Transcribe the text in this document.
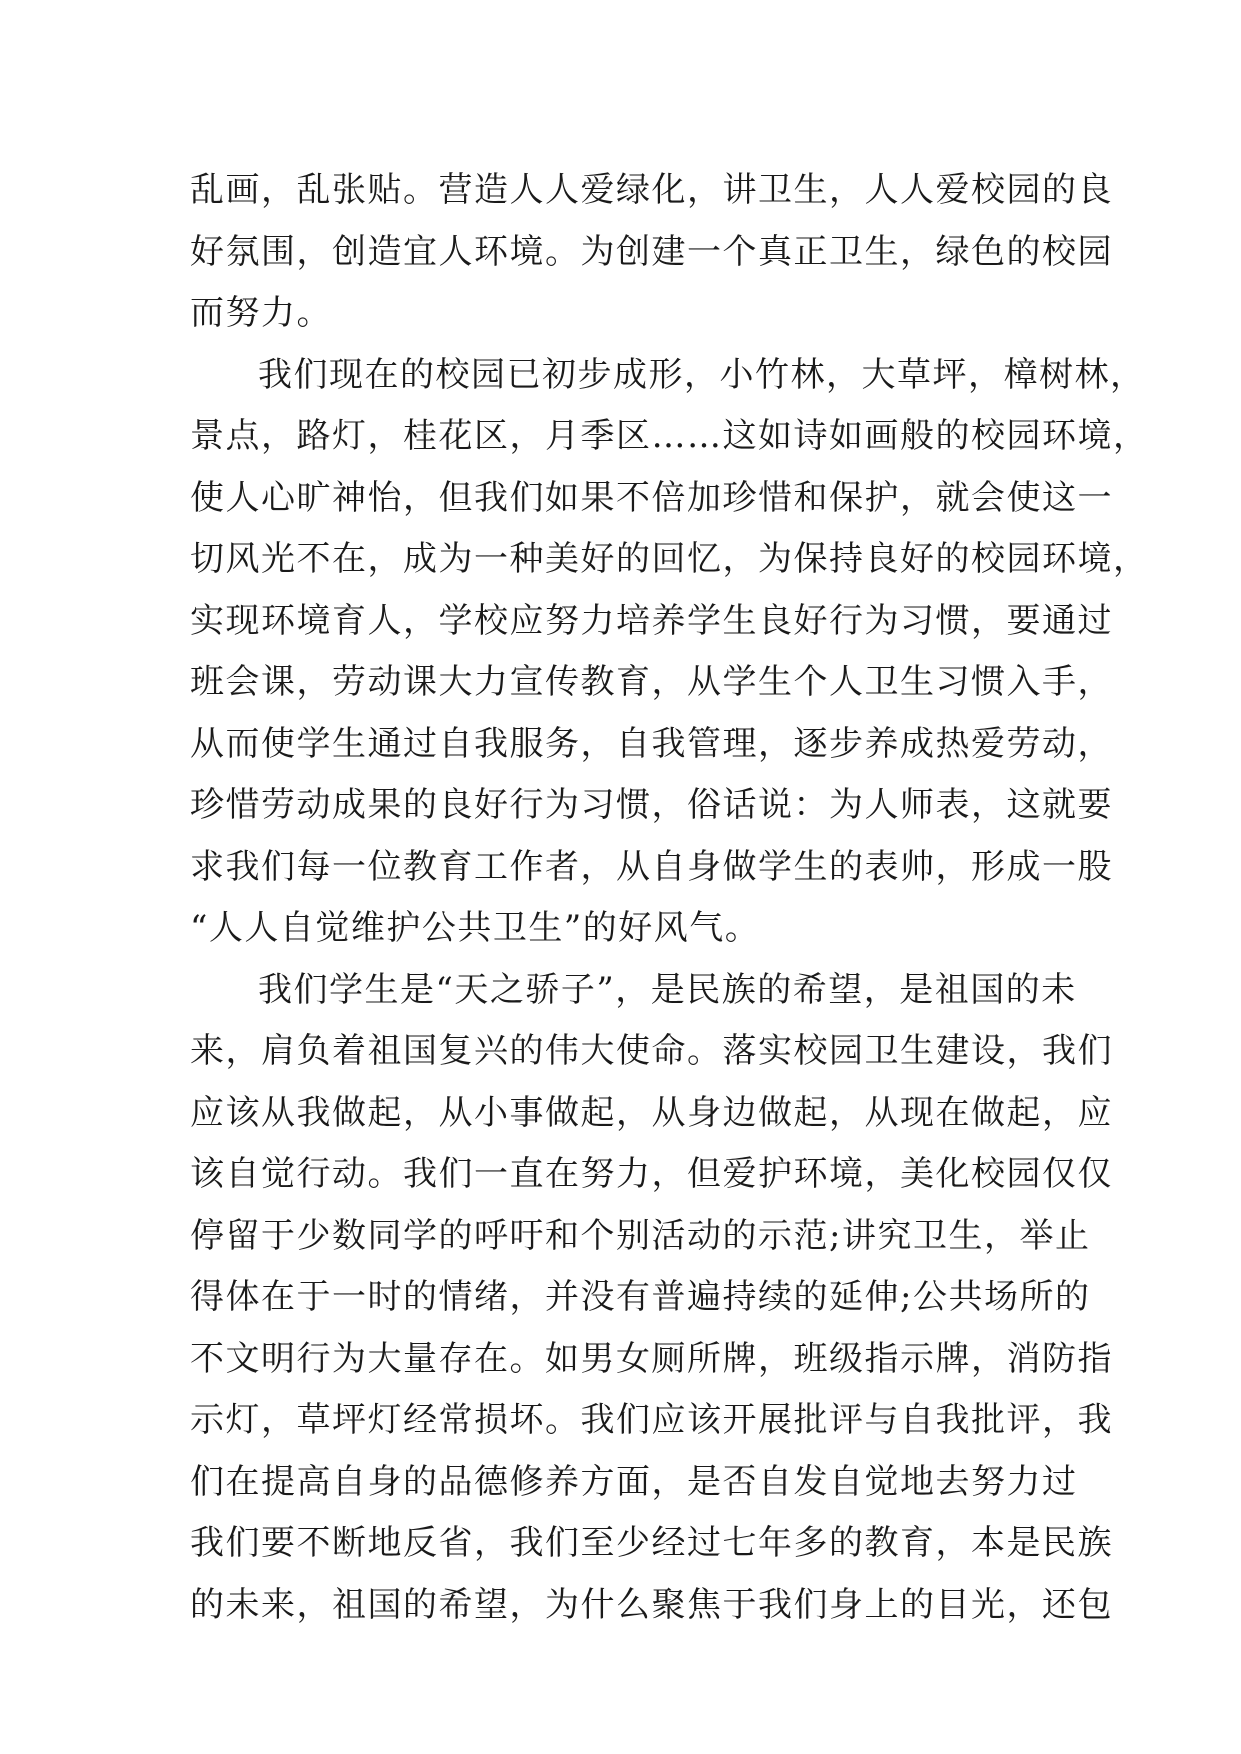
乱画，乱张贴。营造人人爱绿化，讲卫生，人人爱校园的良
好氛围，创造宜人环境。为创建一个真正卫生，绿色的校园
而努力。
我们现在的校园已初步成形，小竹林，大草坪，樟树林，
景点，路灯，桂花区，月季区……这如诗如画般的校园环境，
使人心旷神怡，但我们如果不倍加珍惜和保护，就会使这一
切风光不在，成为一种美好的回忆，为保持良好的校园环境，
实现环境育人，学校应努力培养学生良好行为习惯，要通过
班会课，劳动课大力宣传教育，从学生个人卫生习惯入手，
从而使学生通过自我服务，自我管理，逐步养成热爱劳动，
珍惜劳动成果的良好行为习惯，俗话说：为人师表，这就要
求我们每一位教育工作者，从自身做学生的表帅，形成一股
“人人自觉维护公共卫生”的好风气。
我们学生是“天之骄子”，是民族的希望，是祖国的未
来，肩负着祖国复兴的伟大使命。落实校园卫生建设，我们
应该从我做起，从小事做起，从身边做起，从现在做起，应
该自觉行动。我们一直在努力，但爱护环境，美化校园仅仅
停留于少数同学的呼吁和个别活动的示范;讲究卫生，举止
得体在于一时的情绪，并没有普遍持续的延伸;公共场所的
不文明行为大量存在。如男女厕所牌，班级指示牌，消防指
示灯，草坪灯经常损坏。我们应该开展批评与自我批评，我
们在提高自身的品德修养方面，是否自发自觉地去努力过
我们要不断地反省，我们至少经过七年多的教育，本是民族
的未来，祖国的希望，为什么聚焦于我们身上的目光，还包
